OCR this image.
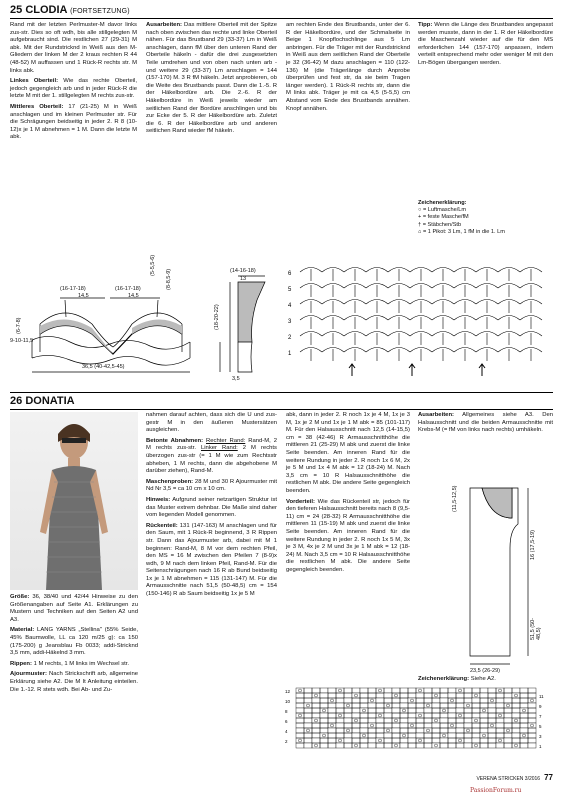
25 CLODIA (FORTSETZUNG)

Rand mit der letzten Perlmuster-M davor links zus-str. Dies so oft wdh, bis alle stillgelegten M aufgebraucht sind. Die restlichen 27 (29-31) M abk. Mit der Rundstricknd in Weiß aus den M-Gliedern der linken M der 2 kraus rechten R 44 (48-52) M auffassen und 1 Rück-R rechts str. M links abk.

Linkes Oberteil: Wie das rechte Oberteil, jedoch gegengleich arb und in jeder Rück-R die letzte M mit der 1. stillgelegten M rechts zus-str.

Mittleres Oberteil: 17 (21-25) M in Weiß anschlagen und im kleinen Perlmuster str. Für die Schrägungen beidseitig in jeder 2. R 8 (10-12)x je 1 M abnehmen = 1 M. Dann die letzte M abk.

Ausarbeiten: Das mittlere Oberteil mit der Spitze nach oben zwischen das rechte und linke Oberteil nähen. Für das Brustband 29 (33-37) Lm in Weiß anschlagen, dann fM über den unteren Rand der Oberteile häkeln - dafür die drei zusgesetzten Teile umdrehen und von oben nach unten arb - und weitere 29 (33-37) Lm anschlagen = 144 (157-170) M. 3 R fM häkeln. Jetzt anprobieren, ob die Weite des Brustbands passt. Dann die 1.-5. R der Häkelbordüre arb. Die 2.-6. R der Häkelbordüre in Weiß jeweils wieder am seitlichen Rand der Bordüre anschlingen und bis zur Ecke der 5. R der Häkelbordüre arb. Zuletzt die 6. R der Häkelbordüre arb und anderen seitlichen Rand wieder fM häkeln.

am rechten Ende des Brustbands, unter der 6. R der Häkelbordüre, und der Schmalseite in Beige 1 Knopflochschlinge aus 5 Lm anbringen. Für die Träger mit der Rundstricknd in Weiß aus dem seitlichen Rand der Oberteile je 32 (36-42) M dazu anschlagen = 110 (122-136) M (die Trägerlänge durch Anprobe überprüfen und fest str, da sie beim Tragen länger werden). 1 Rück-R rechts str, dann die M links abk. Träger je mit ca 4,5 (5-5,5) cm Abstand vom Ende des Brustbands annähen. Knopf annähen.

Tipp: Wenn die Länge des Brustbandes angepasst werden musste, dann in der 1. R der Häkelbordüre die Maschenzahl wieder auf die für den MS erforderlichen 144 (157-170) anpassen, indem verteilt entsprechend mehr oder weniger M mit den Lm-Bögen übergangen werden.

Zeichenerklärung:
○ = Luftmasche/Lm
+ = feste Masche/fM
† = Stäbchen/Stb
⌂ = 1 Pikot: 3 Lm, 1 fM in die 1. Lm
(16-17-18)
14,5
(16-17-18)
14,5
(5-5,5-6)
(8-8,5-9)
(6-7-8)
9-10-11,5
36,5 (40-42,5-45)
(14-16-18)
13
(18-20-22)
3,5
6
5
4
3
2
1
26 DONATIA

Größe: 36, 38/40 und 42/44 Hinweise zu den Größenangaben auf Seite A1. Erklärungen zu Mustern und Techniken auf den Seiten A2 und A3.

Material: LANG YARNS „Stellina" (55% Seide, 45% Baumwolle, LL ca 120 m/25 g): ca 150 (175-200) g Jeansblau Fb 0033; addi-Stricknd 3,5 mm, addi-Häkelnd 3 mm.

Rippen: 1 M rechts, 1 M links im Wechsel str.

Ajourmuster: Nach Strickschrift arb, allgemeine Erklärung siehe A2. Die M It Anleitung einteilen. Die 1.-12. R stets wdh. Bei Ab- und Zu-

nahmen darauf achten, dass sich die U und zus-gestr M in den äußeren Mustersätzen ausgleichen.

Betonte Abnahmen: Rechter Rand: Rand-M, 2 M rechts zus-str. Linker Rand: 2 M rechts überzogen zus-str (= 1 M wie zum Rechtsstr abheben, 1 M rechts, dann die abgehobene M darüber ziehen), Rand-M.

Maschenproben: 28 M und 30 R Ajourmuster mit Nd Nr 3,5 = ca 10 cm x 10 cm.

Hinweis: Aufgrund seiner netzartigen Struktur ist das Muster extrem dehnbar. Die Maße sind daher vom liegenden Modell genommen.

Rückenteil: 131 (147-163) M anschlagen und für den Saum, mit 1 Rück-R beginnend, 3 R Rippen str. Dann das Ajourmuster arb, dabei mit M 1 beginnen: Rand-M, 8 M vor dem rechten Pfeil, den MS = 16 M zwischen den Pfeilen 7 (8-9)x wdh, 9 M nach dem linken Pfeil, Rand-M. Für die Seitenschrägungen nach 16 R ab Bund beidseitig 1x je 1 M abnehmen = 115 (131-147) M. Für die Armausschnitte nach 51,5 (50-48,5) cm = 154 (150-146) R ab Saum beidseitig 1x je 5 M

abk, dann in jeder 2. R noch 1x je 4 M, 1x je 3 M, 1x je 2 M und 1x je 1 M abk = 85 (101-117) M. Für den Halsausschnitt nach 12,5 (14-15,5) cm = 38 (42-46) R Armausschnitthöhe die mittleren 21 (25-29) M abk und zuerst die linke Seite beenden. Am inneren Rand für die weitere Rundung in jeder 2. R noch 1x 6 M, 2x je 5 M und 1x 4 M abk = 12 (18-24) M. Nach 3,5 cm = 10 R Halsausschnitthöhe die restlichen M abk. Die andere Seite gegengleich beenden.

Vorderteil: Wie das Rückenteil str, jedoch für den tieferen Halsausschnitt bereits nach 8 (9,5-11) cm = 24 (28-32) R Armausschnitthöhe die mittleren 11 (15-19) M abk und zuerst die linke Seite beenden. Am inneren Rand für die weitere Rundung in jeder 2. R noch 1x 5 M, 3x je 3 M, 4x je 2 M und 3x je 1 M abk = 12 (18-24) M. Nach 3,5 cm = 10 R Halsausschnitthöhe die restlichen M abk. Die andere Seite gegengleich beenden.

Ausarbeiten: Allgemeines siehe A3. Den Halsausschnitt und die beiden Armausschnitte mit Krebs-M (= fM von links nach rechts) umhäkeln.

(11,5-12,5)
16 (17,5-19)
51,5 (50-48,5)
23,5 (26-29)

Zeichenerklärung: Siehe A2.

11
9
7
5
3
1
12
10
8
6
4
2
PassionForum.ru
VERENA STRICKEN 3/2016 77
